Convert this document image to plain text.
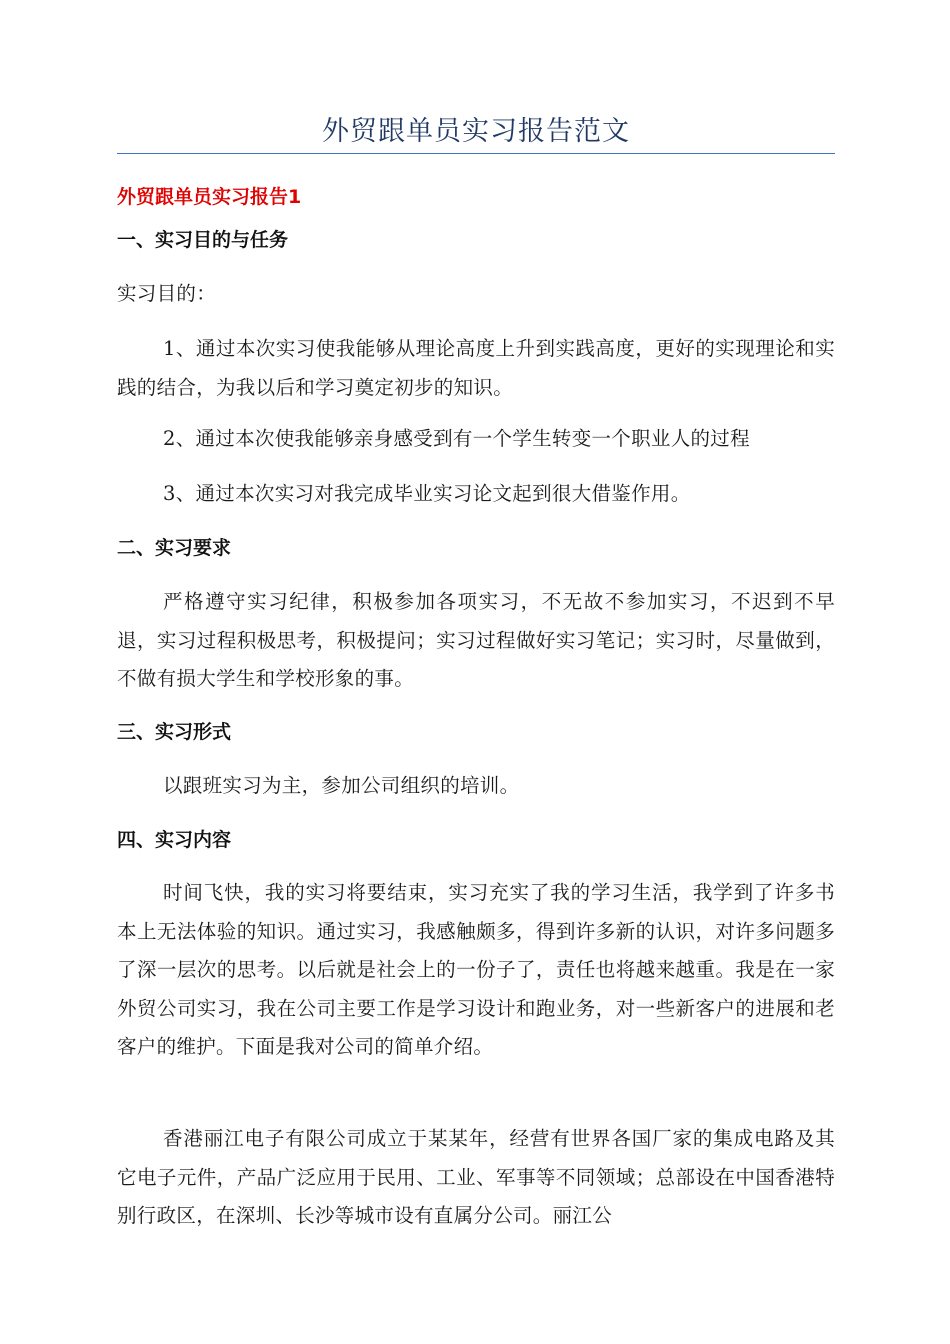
外贸跟单员实习报告范文
外贸跟单员实习报告1
一、实习目的与任务

实习目的：

1、通过本次实习使我能够从理论高度上升到实践高度，更好的实现理论和实践的结合，为我以后和学习奠定初步的知识。

2、通过本次使我能够亲身感受到有一个学生转变一个职业人的过程

3、通过本次实习对我完成毕业实习论文起到很大借鉴作用。

二、实习要求

严格遵守实习纪律，积极参加各项实习，不无故不参加实习，不迟到不早退，实习过程积极思考，积极提问；实习过程做好实习笔记；实习时，尽量做到，不做有损大学生和学校形象的事。

三、实习形式

以跟班实习为主，参加公司组织的培训。

四、实习内容

时间飞快，我的实习将要结束，实习充实了我的学习生活，我学到了许多书本上无法体验的知识。通过实习，我感触颇多，得到许多新的认识，对许多问题多了深一层次的思考。以后就是社会上的一份子了，责任也将越来越重。我是在一家外贸公司实习，我在公司主要工作是学习设计和跑业务，对一些新客户的进展和老客户的维护。下面是我对公司的简单介绍。

香港丽江电子有限公司成立于某某年，经营有世界各国厂家的集成电路及其它电子元件，产品广泛应用于民用、工业、军事等不同领域；总部设在中国香港特别行政区，在深圳、长沙等城市设有直属分公司。丽江公
